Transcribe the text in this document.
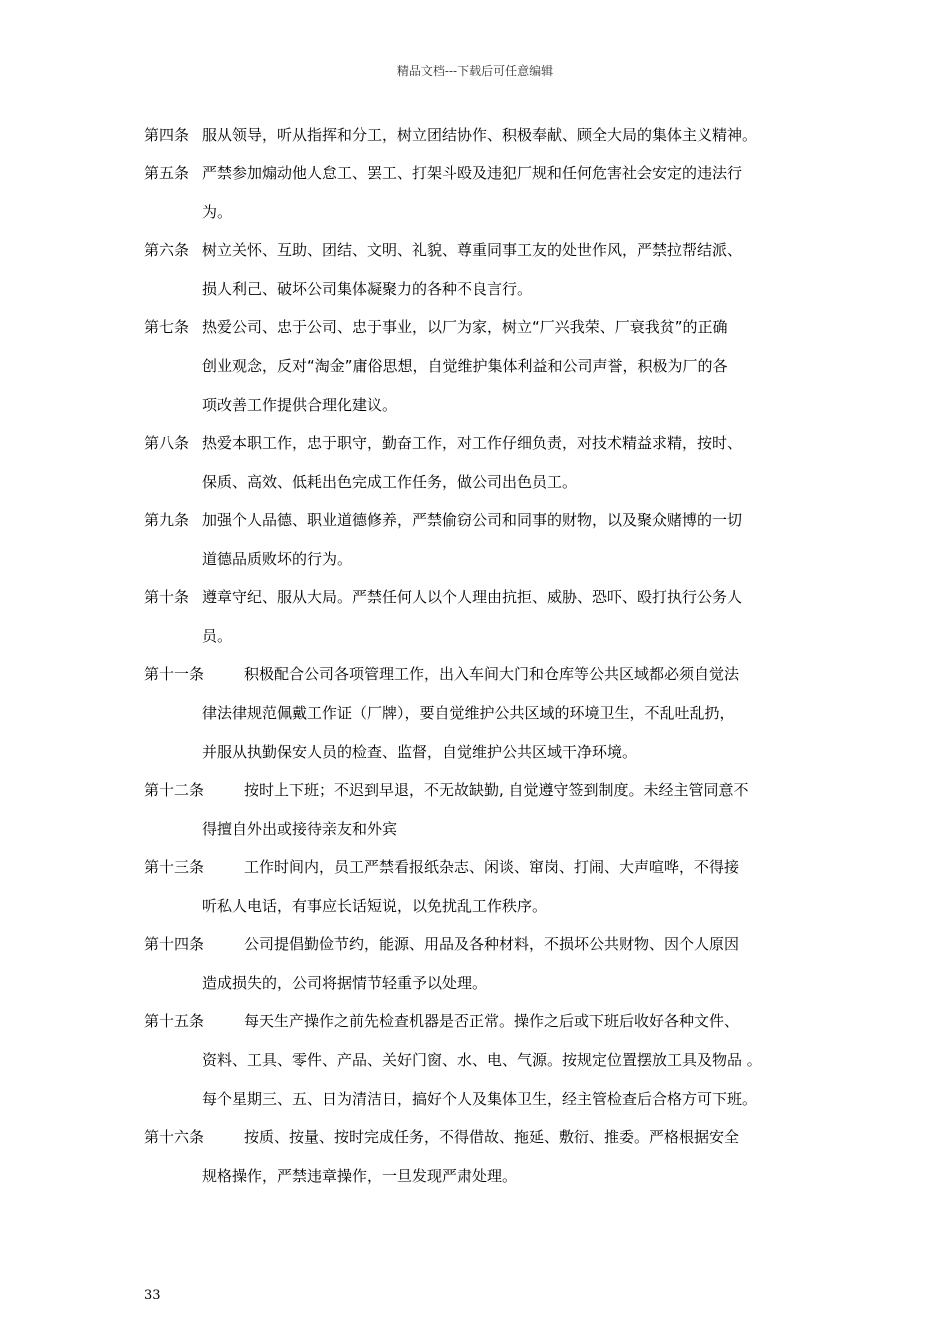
精品文档---下载后可任意编辑
第四条 服从领导，听从指挥和分工，树立团结协作、积极奉献、顾全大局的集体主义精神。
第五条 严禁参加煽动他人怠工、罢工、打架斗殴及违犯厂规和任何危害社会安定的违法行
为。
第六条 树立关怀、互助、团结、文明、礼貌、尊重同事工友的处世作风，严禁拉帮结派、
损人利己、破坏公司集体凝聚力的各种不良言行。
第七条 热爱公司、忠于公司、忠于事业，以厂为家，树立“厂兴我荣、厂衰我贫”的正确
创业观念，反对“淘金”庸俗思想，自觉维护集体利益和公司声誉，积极为厂的各
项改善工作提供合理化建议。
第八条 热爱本职工作，忠于职守，勤奋工作，对工作仔细负责，对技术精益求精，按时、
保质、高效、低耗出色完成工作任务，做公司出色员工。
第九条 加强个人品德、职业道德修养，严禁偷窃公司和同事的财物，以及聚众赌博的一切
道德品质败坏的行为。
第十条 遵章守纪、服从大局。严禁任何人以个人理由抗拒、威胁、恐吓、殴打执行公务人
员。
第十一条	积极配合公司各项管理工作，出入车间大门和仓库等公共区域都必须自觉法
律法律规范佩戴工作证（厂牌），要自觉维护公共区域的环境卫生，不乱吐乱扔，
并服从执勤保安人员的检查、监督，自觉维护公共区域干净环境。
第十二条	按时上下班；不迟到早退，不无故缺勤, 自觉遵守签到制度。未经主管同意不
得擅自外出或接待亲友和外宾
第十三条	工作时间内，员工严禁看报纸杂志、闲谈、窜岗、打闹、大声喧哗，不得接
听私人电话，有事应长话短说，以免扰乱工作秩序。
第十四条	公司提倡勤俭节约，能源、用品及各种材料，不损坏公共财物、因个人原因
造成损失的，公司将据情节轻重予以处理。
第十五条	每天生产操作之前先检查机器是否正常。操作之后或下班后收好各种文件、
资料、工具、零件、产品、关好门窗、水、电、气源。按规定位置摆放工具及物品 。
每个星期三、五、日为清洁日，搞好个人及集体卫生，经主管检查后合格方可下班。
第十六条	按质、按量、按时完成任务，不得借故、拖延、敷衍、推委。严格根据安全
规格操作，严禁违章操作，一旦发现严肃处理。
33
